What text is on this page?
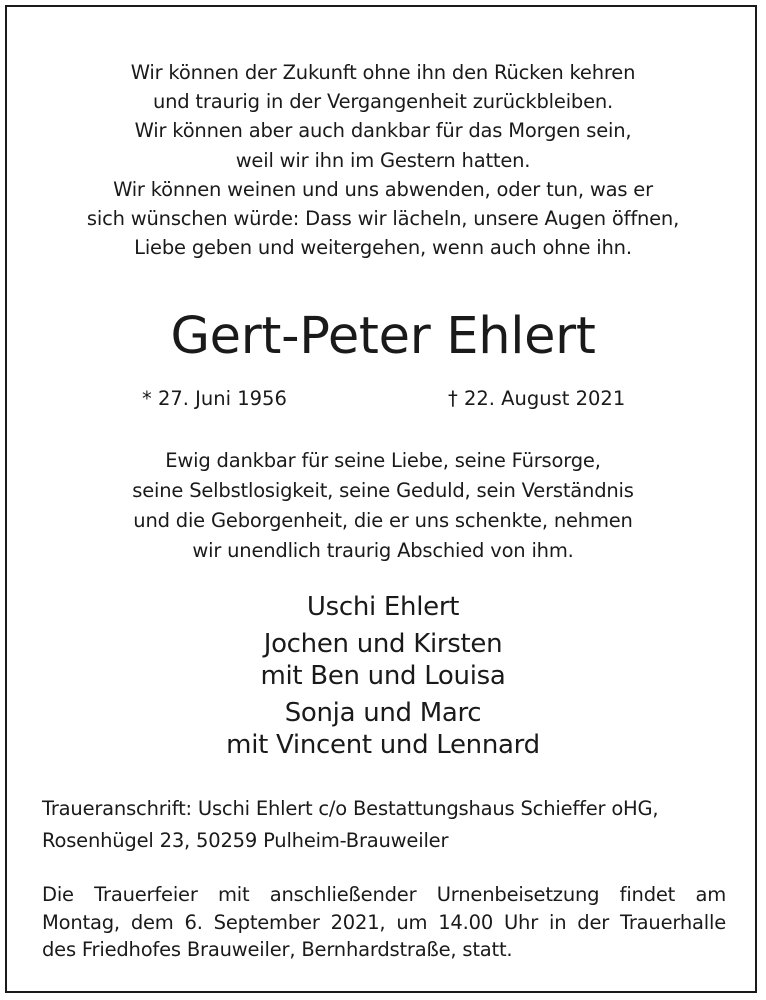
Wir können der Zukunft ohne ihn den Rücken kehren
und traurig in der Vergangenheit zurückbleiben.
Wir können aber auch dankbar für das Morgen sein,
weil wir ihn im Gestern hatten.
Wir können weinen und uns abwenden, oder tun, was er
sich wünschen würde: Dass wir lächeln, unsere Augen öffnen,
Liebe geben und weitergehen, wenn auch ohne ihn.
Gert-Peter Ehlert
* 27. Juni 1956	† 22. August 2021
Ewig dankbar für seine Liebe, seine Fürsorge,
seine Selbstlosigkeit, seine Geduld, sein Verständnis
und die Geborgenheit, die er uns schenkte, nehmen
wir unendlich traurig Abschied von ihm.
Uschi Ehlert
Jochen und Kirsten
mit Ben und Louisa
Sonja und Marc
mit Vincent und Lennard
Traueranschrift: Uschi Ehlert c/o Bestattungshaus Schieffer oHG,
Rosenhügel 23, 50259 Pulheim-Brauweiler
Die Trauerfeier mit anschließender Urnenbeisetzung findet am
Montag, dem 6. September 2021, um 14.00 Uhr in der Trauerhalle
des Friedhofes Brauweiler, Bernhardstraße, statt.
